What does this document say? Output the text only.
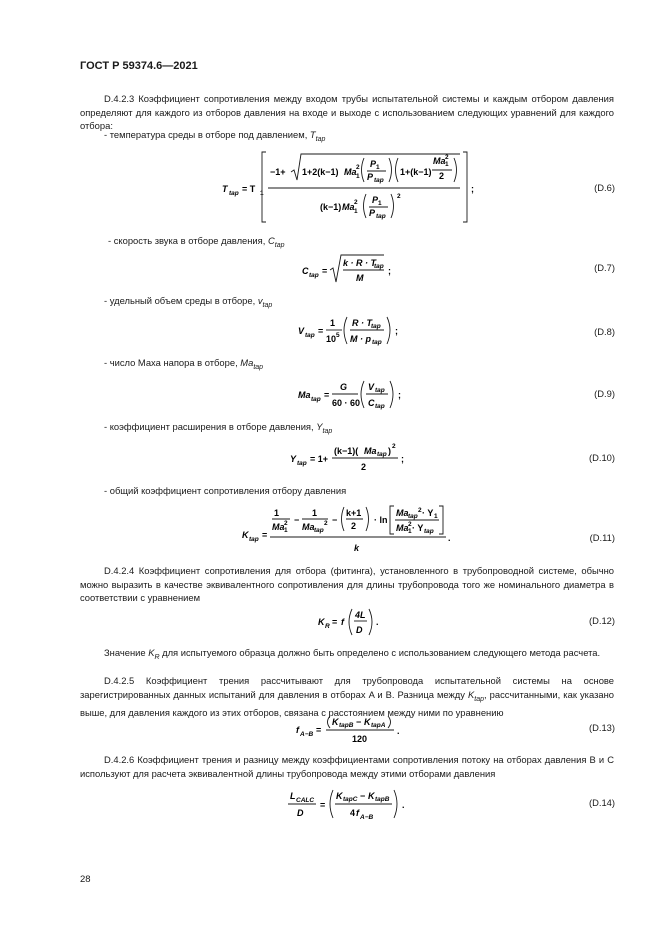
ГОСТ Р 59374.6—2021

D.4.2.3 Коэффициент сопротивления между входом трубы испытательной системы и каждым отбором давления определяют для каждого из отборов давления на входе и выходе с использованием следующих уравнений для каждого отбора:

- температура среды в отборе под давлением, $T_{tap}$
T tap = T 1
−1+ 1+2(k−1) Ma 2
1
P 1
P tap
1+(k−1)
Ma 2
1
2
(k−1) Ma 2
1
P 1
P tap
2
;	(D.6)
- скорость звука в отборе давления, $C_{tap}$
C tap =
k · R · T
tap
M
;	(D.7)
- удельный объем среды в отборе, $v_{tap}$
V tap =
1
10 5
R · T tap
M · p tap
;	(D.8)
- число Маха напора в отборе, $Ma_{tap}$
Ma tap =
G
60 · 60
V tap
C tap
;	(D.9)
- коэффициент расширения в отборе давления, $Y_{tap}$
Y tap = 1+
(k−1)( Ma tap ) 2
2
;	(D.10)
- общий коэффициент сопротивления отбору давления
K tap =
1
Ma 2
1
−
1
Ma tap
2 −
k+1
2
· ln
Ma tap
2 · Y 1
Ma 2
1 · Y tap
k
.	(D.11)

D.4.2.4 Коэффициент сопротивления для отбора (фитинга), установленного в трубопроводной системе, обычно можно выразить в качестве эквивалентного сопротивления для длины трубопровода того же номинального диаметра в соответствии с уравнением

K R = f
4L
D
.	(D.12)

Значение $K_R$ для испытуемого образца должно быть определено с использованием следующего метода расчета.

D.4.2.5 Коэффициент трения рассчитывают для трубопровода испытательной системы на основе зарегистрированных данных испытаний для давления в отборах A и B. Разница между $K_{tap}$, рассчитанными, как указано выше, для давления каждого из этих отборов, связана с расстоянием между ними по уравнению

f A−B =
K tapB − K tapA
120
.	(D.13)

D.4.2.6 Коэффициент трения и разницу между коэффициентами сопротивления потоку на отборах давления B и C используют для расчета эквивалентной длины трубопровода между этими отборами давления

L CALC
D
=
K tapC − K tapB
4 f A−B
.	(D.14)
28
